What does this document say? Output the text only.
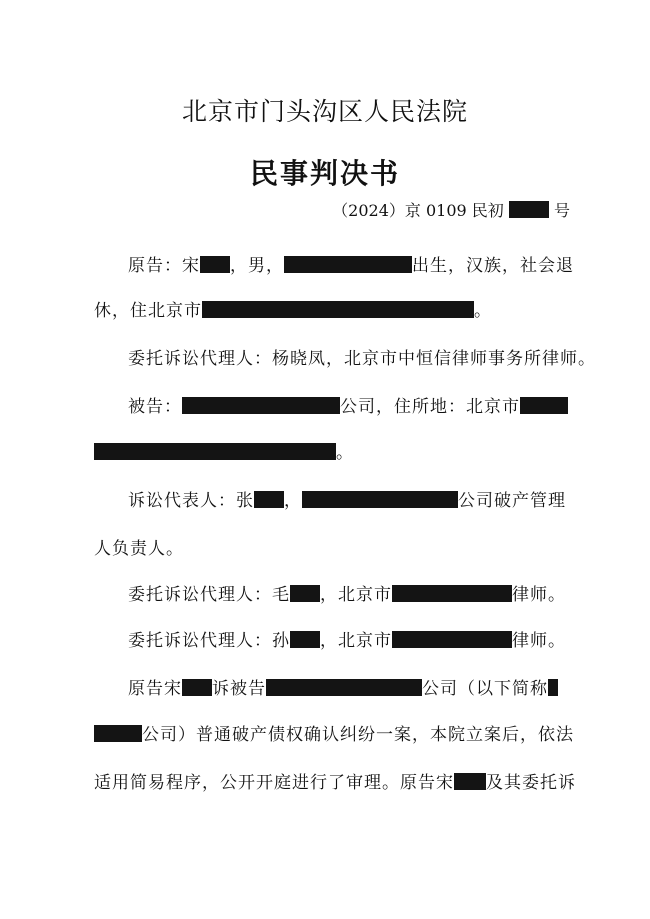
北京市门头沟区人民法院
民事判决书
（2024）京 0109 民初	号
原告：宋 ，男，	出生，汉族，社会退
休，住北京市	。
委托诉讼代理人：杨晓凤，北京市中恒信律师事务所律师。
被告：	公司，住所地：北京市
。
诉讼代表人：张 ，	公司破产管理
人负责人。
委托诉讼代理人：毛 ，北京市	律师。
委托诉讼代理人：孙 ，北京市	律师。
原告宋 诉被告	公司（以下简称
公司）普通破产债权确认纠纷一案，本院立案后，依法
适用简易程序，公开开庭进行了审理。原告宋 及其委托诉
